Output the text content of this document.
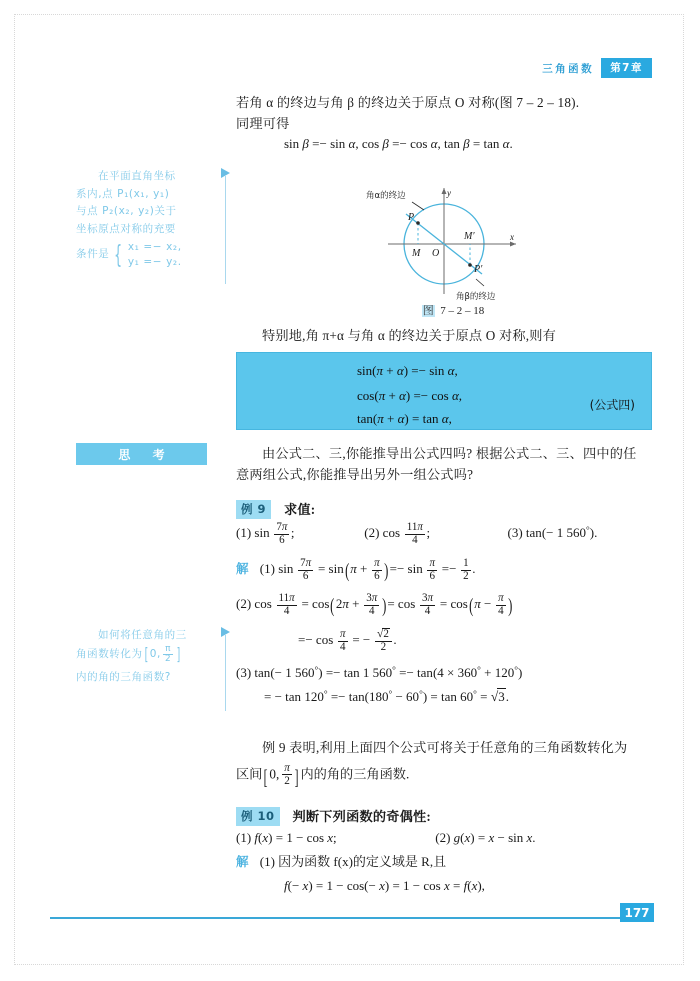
三角函数	第7章
若角 α 的终边与角 β 的终边关于原点 O 对称(图 7 – 2 – 18).
同理可得
sin β =− sin α, cos β =− cos α, tan β = tan α.
在平面直角坐标
系内,点 P₁(x₁, y₁)
与点 P₂(x₂, y₂)关于
坐标原点对称的充要
条件是 { x₁ =− x₂,
y₁ =− y₂.
角α的终边
角β的终边
P
P′
M
M′
O
y
x
图  7 – 2 – 18
特别地,角 π+α 与角 α 的终边关于原点 O 对称,则有
sin(π + α) =− sin α,
cos(π + α) =− cos α,
tan(π + α) = tan α,
(公式四)
思 考	由公式二、三,你能推导出公式四吗? 根据公式二、三、四中的任
意两组公式,你能推导出另外一组公式吗?
例 9 求值:
(1) $\sin \frac{7\pi}{6}$ ;	(2) $\cos \frac{11\pi}{4}$ ;	(3) tan(− 1 560°).
解 (1) $\sin \frac{7\pi}{6} = \sin(\pi + \frac{\pi}{6}$ )=− $\sin \frac{\pi}{6} =- \frac{1}{2}$ .
(2) $\cos \frac{11\pi}{4} = \cos(2\pi + \frac{3\pi}{4}$ )= $\cos \frac{3\pi}{4} = \cos(\pi - \frac{\pi}{4}$ )
=− $\cos \frac{\pi}{4}$ = − $\frac{√2}{2}$ .
如何将任意角的三
角函数转化为 [ 0, $\frac{\pi}{2}$ ]
内的角的三角函数?	(3) tan(− 1 560°) =− tan 1 560° =− tan(4 × 360° + 120°)
= − tan 120° =− tan(180° − 60°) = tan 60° = √3.
例 9 表明,利用上面四个公式可将关于任意角的三角函数转化为
区间[ 0, $\frac{\pi}{2}$ ] 内的角的三角函数.
例 10 判断下列函数的奇偶性:
(1) f(x) = 1 − cos x;	(2) g(x) = x − sin x.
解 (1) 因为函数 f(x)的定义域是 R,且
f(− x) = 1 − cos(− x) = 1 − cos x = f(x),
177
